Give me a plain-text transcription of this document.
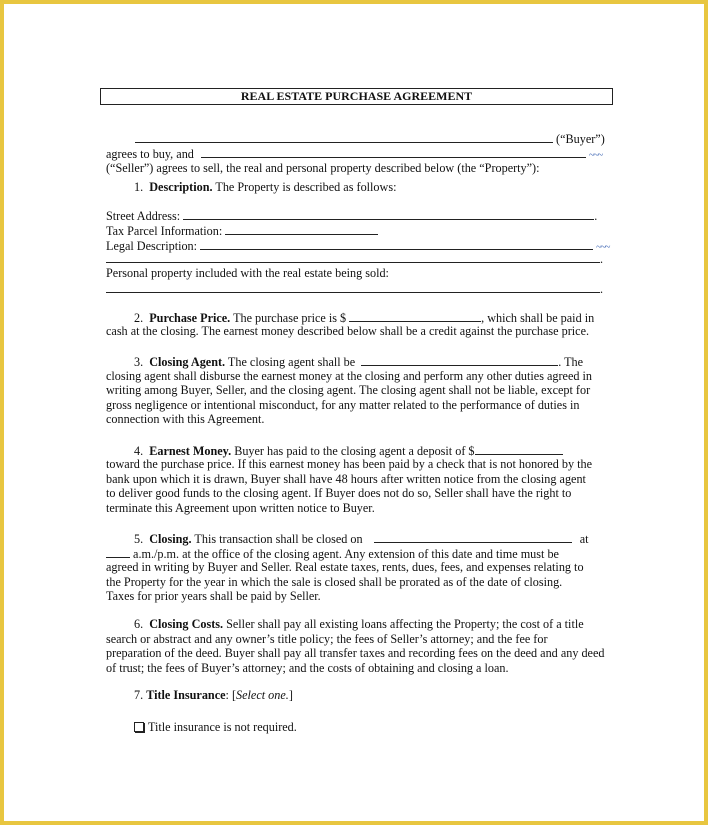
REAL ESTATE PURCHASE AGREEMENT
(“Buyer”)
agrees to buy, and	~~~
(“Seller”) agrees to sell, the real and personal property described below (the “Property”):
1. Description. The Property is described as follows:
Street Address:	.
Tax Parcel Information:
Legal Description:	~~~
.
Personal property included with the real estate being sold:
.
2. Purchase Price. The purchase price is $	, which shall be paid in
cash at the closing. The earnest money described below shall be a credit against the purchase price.
3. Closing Agent. The closing agent shall be	. The
closing agent shall disburse the earnest money at the closing and perform any other duties agreed in
writing among Buyer, Seller, and the closing agent. The closing agent shall not be liable, except for
gross negligence or intentional misconduct, for any matter related to the performance of duties in
connection with this Agreement.
4. Earnest Money. Buyer has paid to the closing agent a deposit of $
toward the purchase price. If this earnest money has been paid by a check that is not honored by the
bank upon which it is drawn, Buyer shall have 48 hours after written notice from the closing agent
to deliver good funds to the closing agent. If Buyer does not do so, Seller shall have the right to
terminate this Agreement upon written notice to Buyer.
5. Closing. This transaction shall be closed on	at
a.m./p.m. at the office of the closing agent. Any extension of this date and time must be
agreed in writing by Buyer and Seller. Real estate taxes, rents, dues, fees, and expenses relating to
the Property for the year in which the sale is closed shall be prorated as of the date of closing.
Taxes for prior years shall be paid by Seller.
6. Closing Costs. Seller shall pay all existing loans affecting the Property; the cost of a title
search or abstract and any owner’s title policy; the fees of Seller’s attorney; and the fee for
preparation of the deed. Buyer shall pay all transfer taxes and recording fees on the deed and any deed
of trust; the fees of Buyer’s attorney; and the costs of obtaining and closing a loan.
7. Title Insurance: [Select one.]
Title insurance is not required.
